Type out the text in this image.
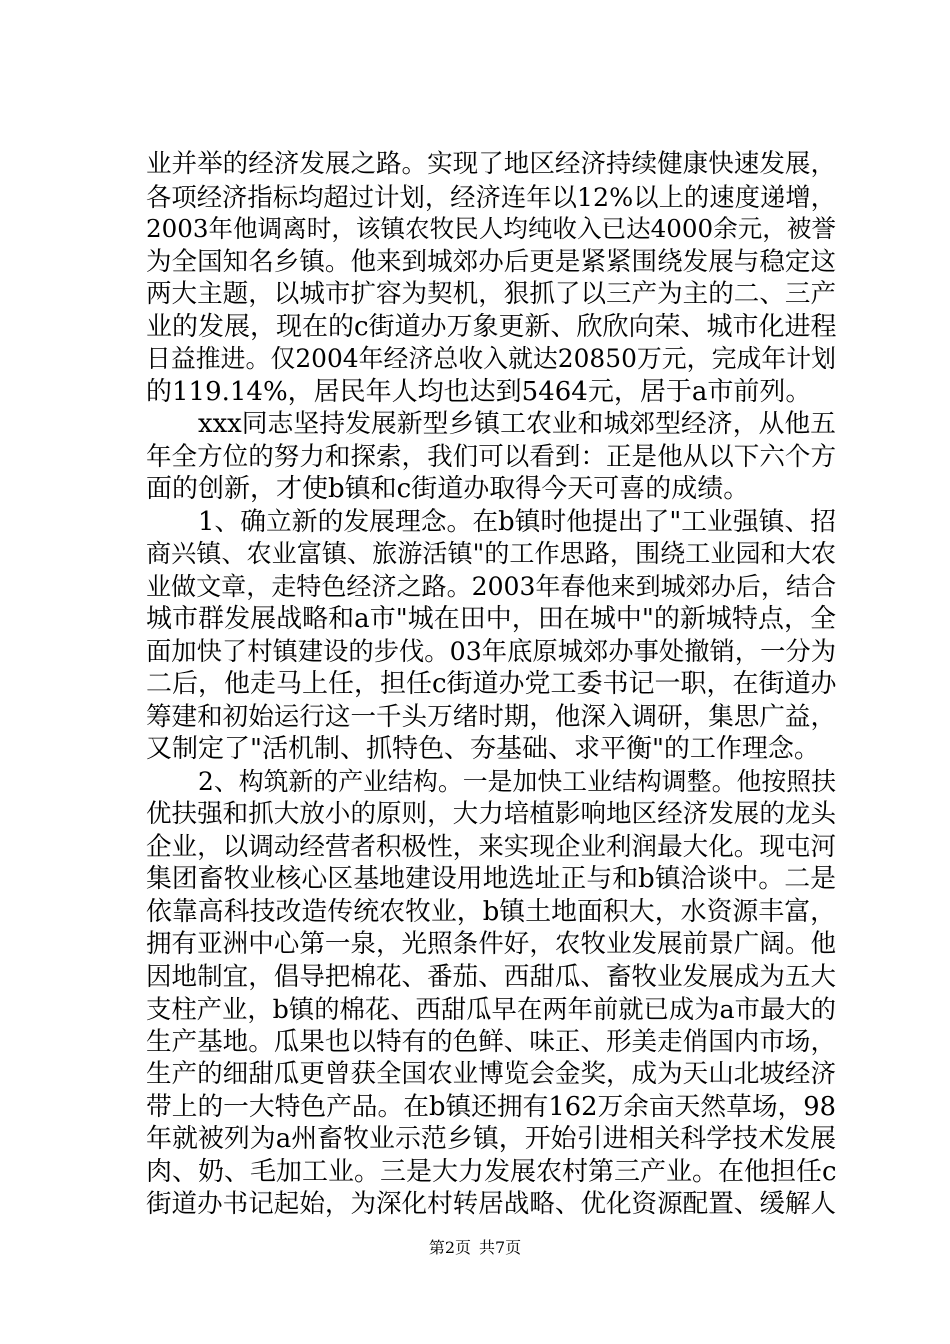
业并举的经济发展之路。实现了地区经济持续健康快速发展，
各项经济指标均超过计划，经济连年以12%以上的速度递增，
2003年他调离时，该镇农牧民人均纯收入已达4000余元，被誉
为全国知名乡镇。他来到城郊办后更是紧紧围绕发展与稳定这
两大主题，以城市扩容为契机，狠抓了以三产为主的二、三产
业的发展，现在的c街道办万象更新、欣欣向荣、城市化进程
日益推进。仅2004年经济总收入就达20850万元，完成年计划
的119.14%，居民年人均也达到5464元，居于a市前列。
xxx同志坚持发展新型乡镇工农业和城郊型经济，从他五
年全方位的努力和探索，我们可以看到：正是他从以下六个方
面的创新，才使b镇和c街道办取得今天可喜的成绩。
1、确立新的发展理念。在b镇时他提出了"工业强镇、招
商兴镇、农业富镇、旅游活镇"的工作思路，围绕工业园和大农
业做文章，走特色经济之路。2003年春他来到城郊办后，结合
城市群发展战略和a市"城在田中，田在城中"的新城特点，全
面加快了村镇建设的步伐。03年底原城郊办事处撤销，一分为
二后，他走马上任，担任c街道办党工委书记一职，在街道办
筹建和初始运行这一千头万绪时期，他深入调研，集思广益，
又制定了"活机制、抓特色、夯基础、求平衡"的工作理念。
2、构筑新的产业结构。一是加快工业结构调整。他按照扶
优扶强和抓大放小的原则，大力培植影响地区经济发展的龙头
企业，以调动经营者积极性，来实现企业利润最大化。现屯河
集团畜牧业核心区基地建设用地选址正与和b镇洽谈中。二是
依靠高科技改造传统农牧业，b镇土地面积大，水资源丰富，
拥有亚洲中心第一泉，光照条件好，农牧业发展前景广阔。他
因地制宜，倡导把棉花、番茄、西甜瓜、畜牧业发展成为五大
支柱产业，b镇的棉花、西甜瓜早在两年前就已成为a市最大的
生产基地。瓜果也以特有的色鲜、味正、形美走俏国内市场，
生产的细甜瓜更曾获全国农业博览会金奖，成为天山北坡经济
带上的一大特色产品。在b镇还拥有162万余亩天然草场，98
年就被列为a州畜牧业示范乡镇，开始引进相关科学技术发展
肉、奶、毛加工业。三是大力发展农村第三产业。在他担任c
街道办书记起始，为深化村转居战略、优化资源配置、缓解人
第2页 共7页
